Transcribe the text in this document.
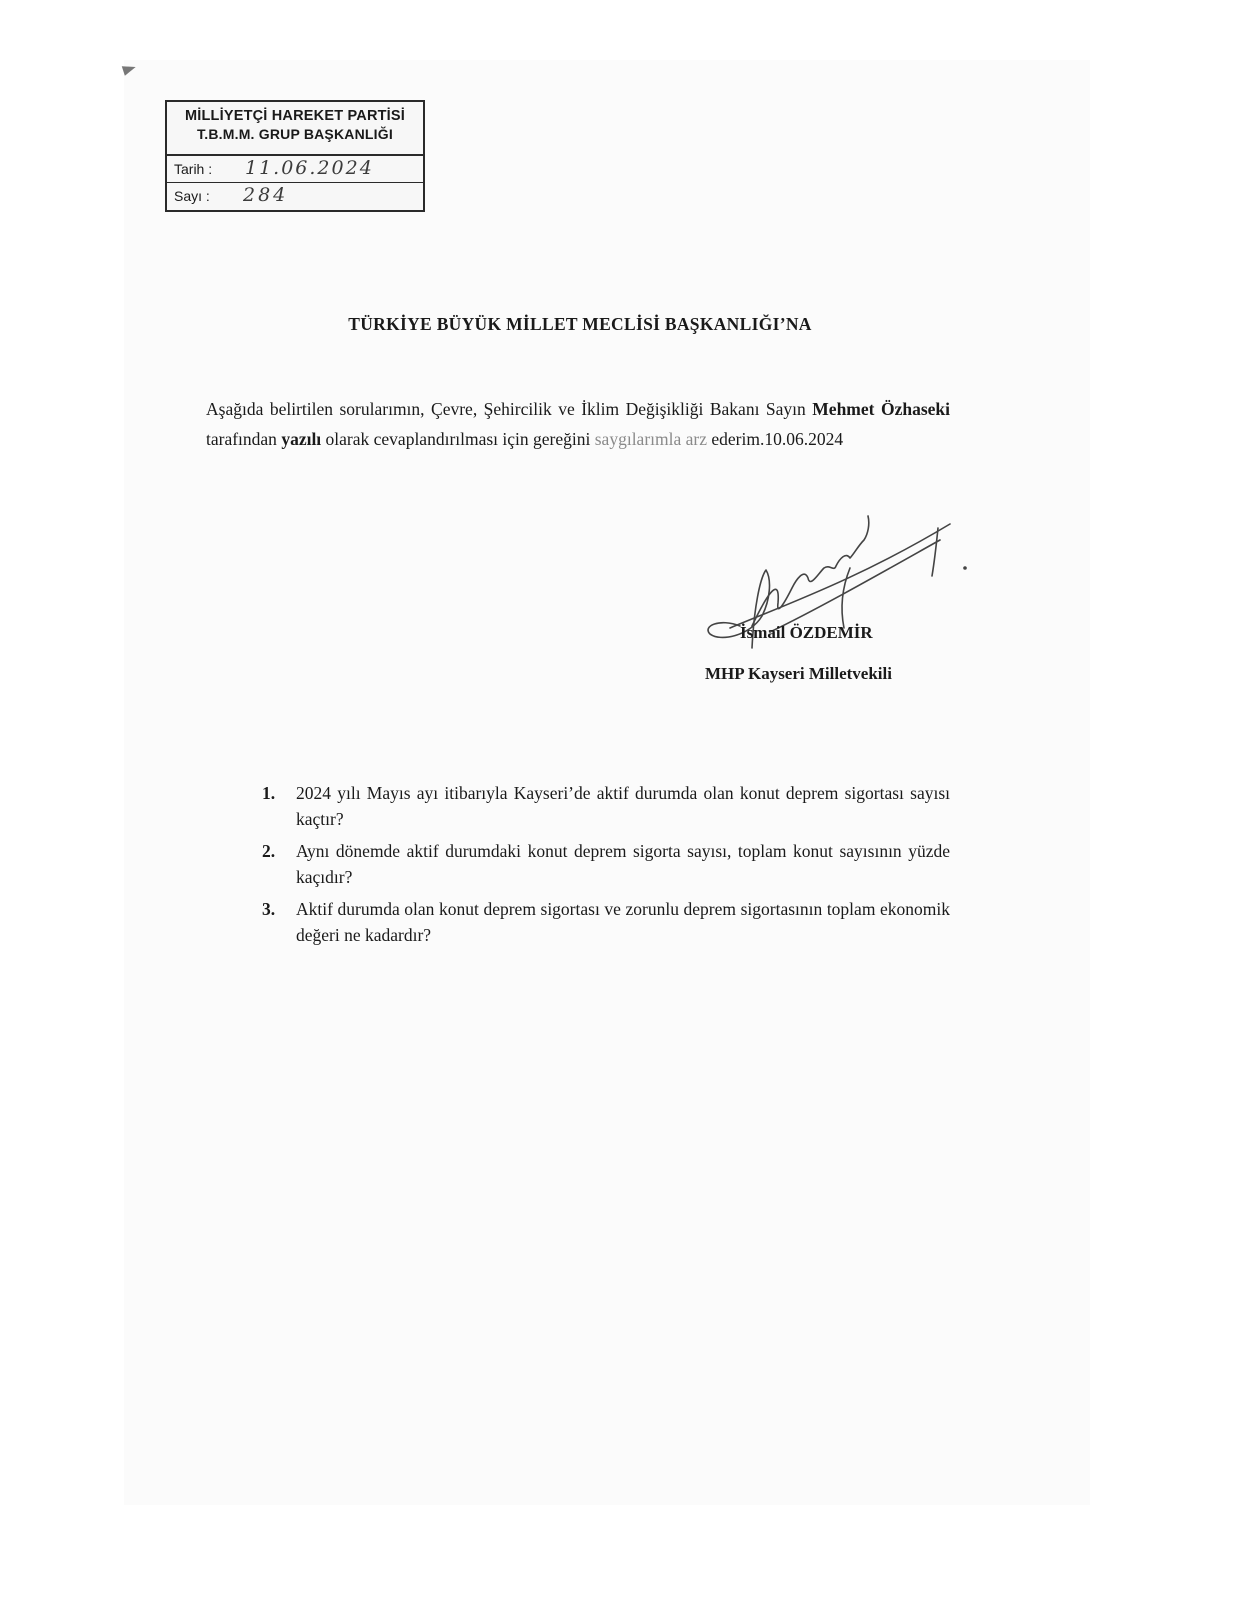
MİLLİYETÇİ HAREKET PARTİSİ
T.B.M.M. GRUP BAŞKANLIĞI
Tarih : 11.06.2024
Sayı : 284
TÜRKİYE BÜYÜK MİLLET MECLİSİ BAŞKANLIĞI’NA
Aşağıda belirtilen sorularımın, Çevre, Şehircilik ve İklim Değişikliği Bakanı Sayın Mehmet Özhaseki tarafından yazılı olarak cevaplandırılması için gereğini saygılarımla arz ederim.10.06.2024
İsmail ÖZDEMİR
MHP Kayseri Milletvekili
1. 2024 yılı Mayıs ayı itibarıyla Kayseri’de aktif durumda olan konut deprem sigortası sayısı kaçtır?
2. Aynı dönemde aktif durumdaki konut deprem sigorta sayısı, toplam konut sayısının yüzde kaçıdır?
3. Aktif durumda olan konut deprem sigortası ve zorunlu deprem sigortasının toplam ekonomik değeri ne kadardır?
